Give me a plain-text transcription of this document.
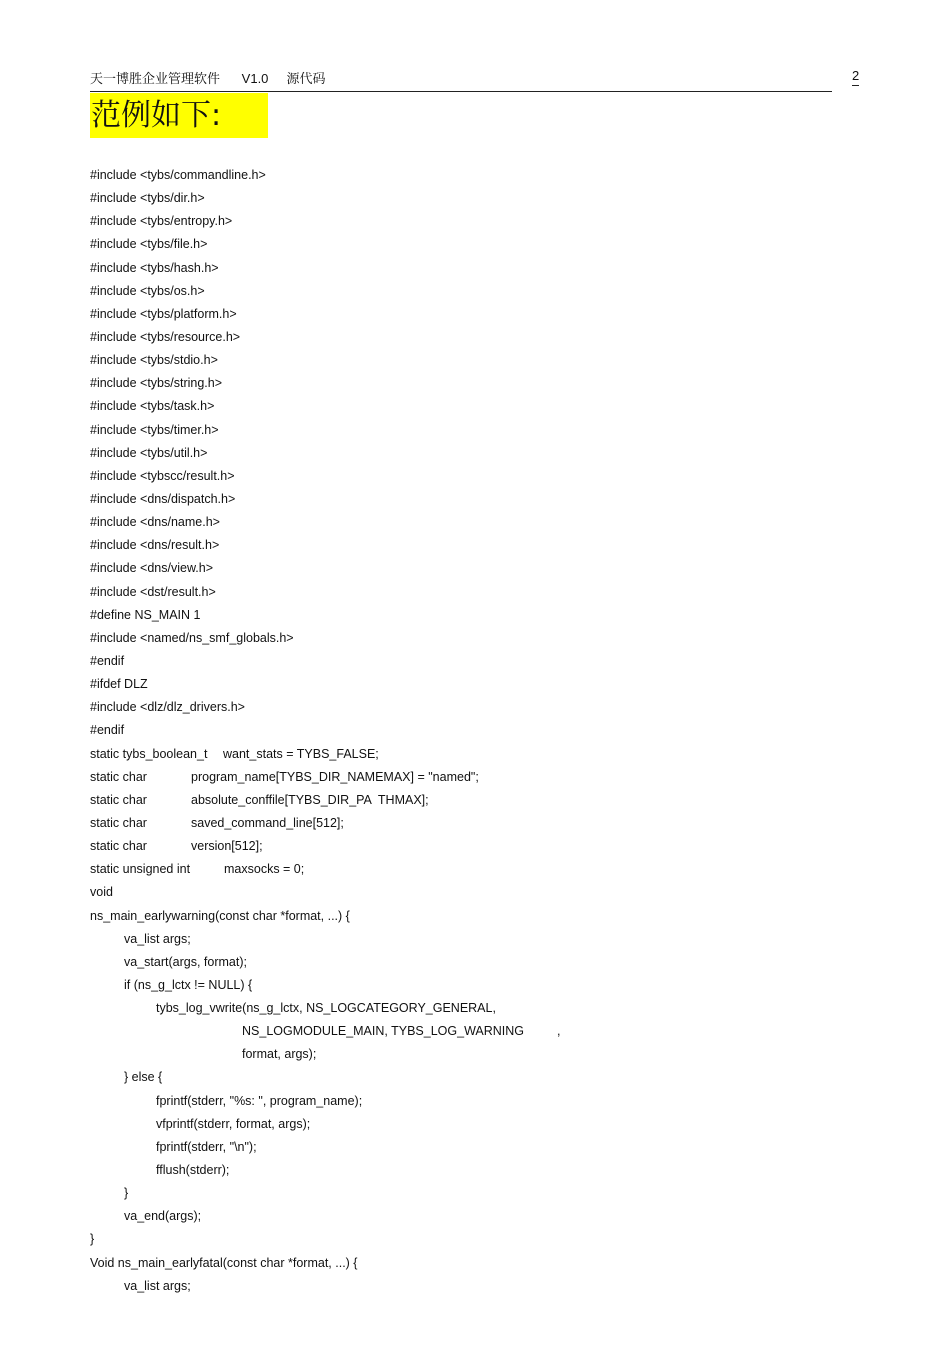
天一博胜企业管理软件      V1.0     源代码	2
范例如下:
#include <tybs/commandline.h>
#include <tybs/dir.h>
#include <tybs/entropy.h>
#include <tybs/file.h>
#include <tybs/hash.h>
#include <tybs/os.h>
#include <tybs/platform.h>
#include <tybs/resource.h>
#include <tybs/stdio.h>
#include <tybs/string.h>
#include <tybs/task.h>
#include <tybs/timer.h>
#include <tybs/util.h>
#include <tybscc/result.h>
#include <dns/dispatch.h>
#include <dns/name.h>
#include <dns/result.h>
#include <dns/view.h>
#include <dst/result.h>
#define NS_MAIN 1
#include <named/ns_smf_globals.h>
#endif
#ifdef DLZ
#include <dlz/dlz_drivers.h>
#endif
static tybs_boolean_t want_stats = TYBS_FALSE;
static char	program_name[TYBS_DIR_NAMEMAX] = "named";
static char	absolute_conffile[TYBS_DIR_PA  THMAX];
static char	saved_command_line[512];
static char	version[512];
static unsigned int	maxsocks = 0;
void
ns_main_earlywarning(const char *format, ...) {
va_list args;
va_start(args, format);
if (ns_g_lctx != NULL) {
tybs_log_vwrite(ns_g_lctx, NS_LOGCATEGORY_GENERAL,
NS_LOGMODULE_MAIN, TYBS_LOG_WARNING	,
format, args);
} else {
fprintf(stderr, "%s: ", program_name);
vfprintf(stderr, format, args);
fprintf(stderr, "\n");
fflush(stderr);
}
va_end(args);
}
Void ns_main_earlyfatal(const char *format, ...) {
va_list args;
